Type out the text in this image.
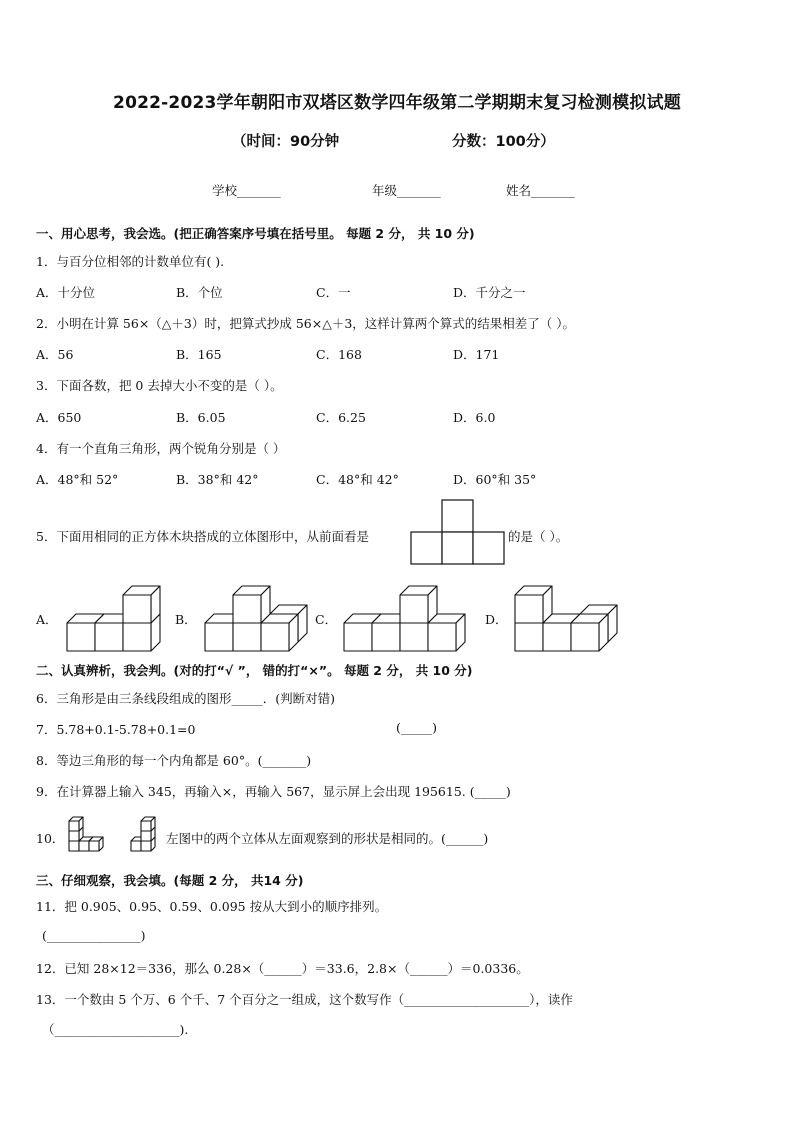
2022-2023学年朝阳市双塔区数学四年级第二学期期末复习检测模拟试题
（时间：90分钟	分数：100分）
学校_______	年级_______	姓名_______
一、用心思考，我会选。(把正确答案序号填在括号里。 每题 2 分， 共 10 分)
1．与百分位相邻的计数单位有( ).
A．十分位	B．个位	C．一	D．千分之一
2．小明在计算 56×（△＋3）时，把算式抄成 56×△＋3，这样计算两个算式的结果相差了（ ）。
A．56	B．165	C．168	D．171
3．下面各数，把 0 去掉大小不变的是（ ）。
A．650	B．6.05	C．6.25	D．6.0
4．有一个直角三角形，两个锐角分别是（ ）
A．48°和 52°	B．38°和 42°	C．48°和 42°	D．60°和 35°
5．下面用相同的正方体木块搭成的立体图形中，从前面看是	的是（ ）。
A．	B．	C．	D．
二、认真辨析，我会判。(对的打“√ ”， 错的打“×”。 每题 2 分， 共 10 分)
6．三角形是由三条线段组成的图形_____．(判断对错)
7．5.78+0.1-5.78+0.1=0	(_____)
8．等边三角形的每一个内角都是 60°。(_______)
9．在计算器上输入 345，再输入×，再输入 567，显示屏上会出现 195615. (_____)
10．	左图中的两个立体从左面观察到的形状是相同的。(______)
三、仔细观察，我会填。(每题 2 分， 共14 分)
11．把 0.905、0.95、0.59、0.095 按从大到小的顺序排列。
(_______________)
12．已知 28×12＝336，那么 0.28×（______）＝33.6，2.8×（______）＝0.0336。
13．一个数由 5 个万、6 个千、7 个百分之一组成，这个数写作（____________________），读作
（____________________).
